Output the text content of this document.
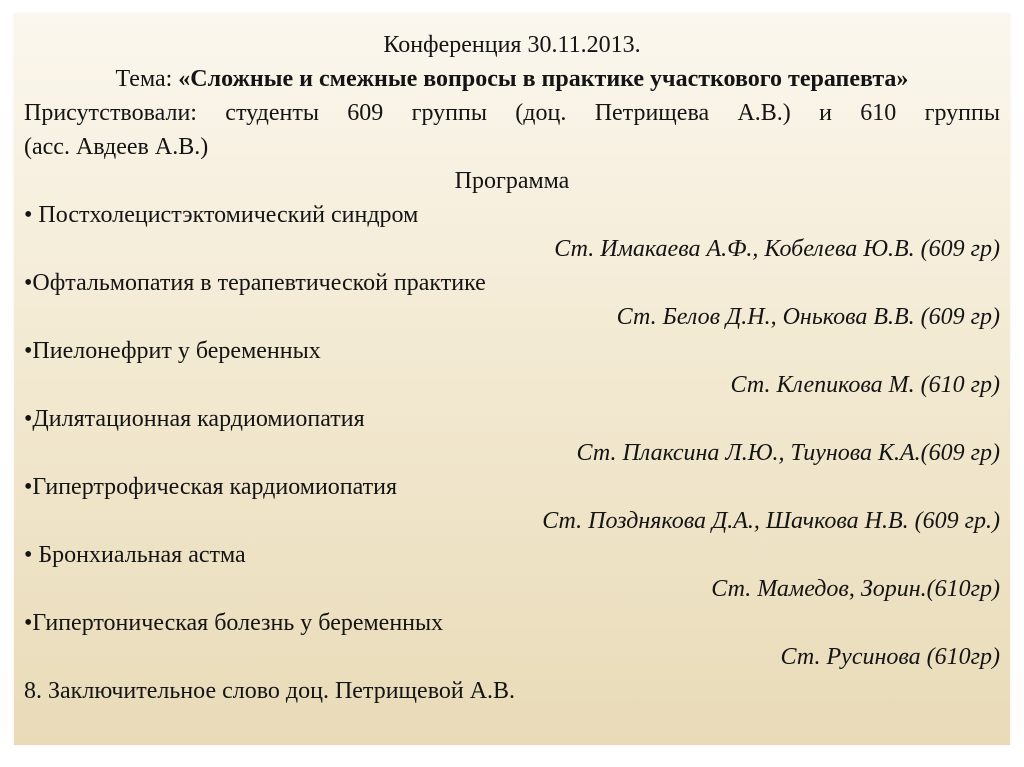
Конференция 30.11.2013.
Тема: «Сложные и смежные вопросы в практике участкового терапевта»
Присутствовали: студенты 609 группы (доц. Петрищева А.В.) и 610 группы
(асс. Авдеев А.В.)
Программа
• Постхолецистэктомический синдром
Ст. Имакаева А.Ф., Кобелева Ю.В. (609 гр)
•Офтальмопатия в терапевтической практике
Ст. Белов Д.Н., Онькова В.В. (609 гр)
•Пиелонефрит у беременных
Ст. Клепикова М. (610 гр)
•Дилятационная кардиомиопатия
Ст. Плаксина Л.Ю., Тиунова К.А.(609 гр)
•Гипертрофическая кардиомиопатия
Ст. Позднякова Д.А., Шачкова Н.В. (609 гр.)
• Бронхиальная астма
Ст. Мамедов, Зорин.(610гр)
•Гипертоническая болезнь у беременных
Ст. Русинова (610гр)
8. Заключительное слово доц. Петрищевой А.В.
